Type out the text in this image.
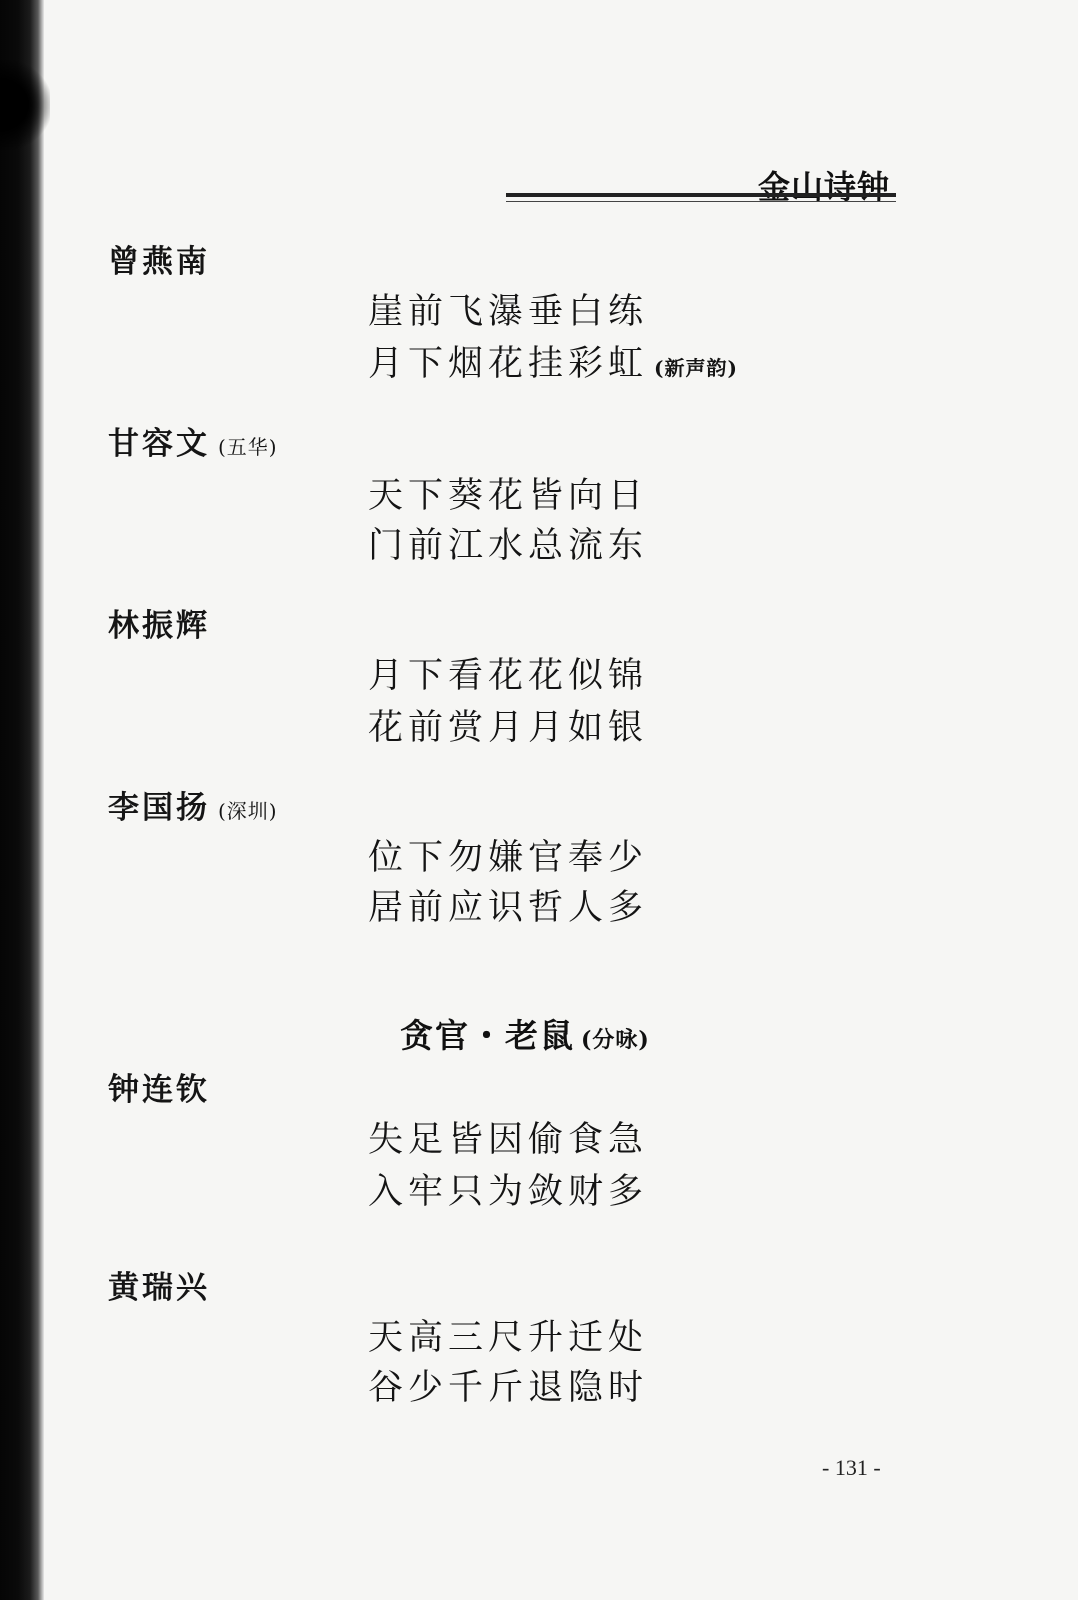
金山诗钟
曾燕南
崖前飞瀑垂白练
月下烟花挂彩虹 (新声韵)
甘容文 (五华)
天下葵花皆向日
门前江水总流东
林振辉
月下看花花似锦
花前赏月月如银
李国扬 (深圳)
位下勿嫌官奉少
居前应识哲人多
贪官・老鼠 (分咏)
钟连钦
失足皆因偷食急
入牢只为敛财多
黄瑞兴
天高三尺升迁处
谷少千斤退隐时
- 131 -
